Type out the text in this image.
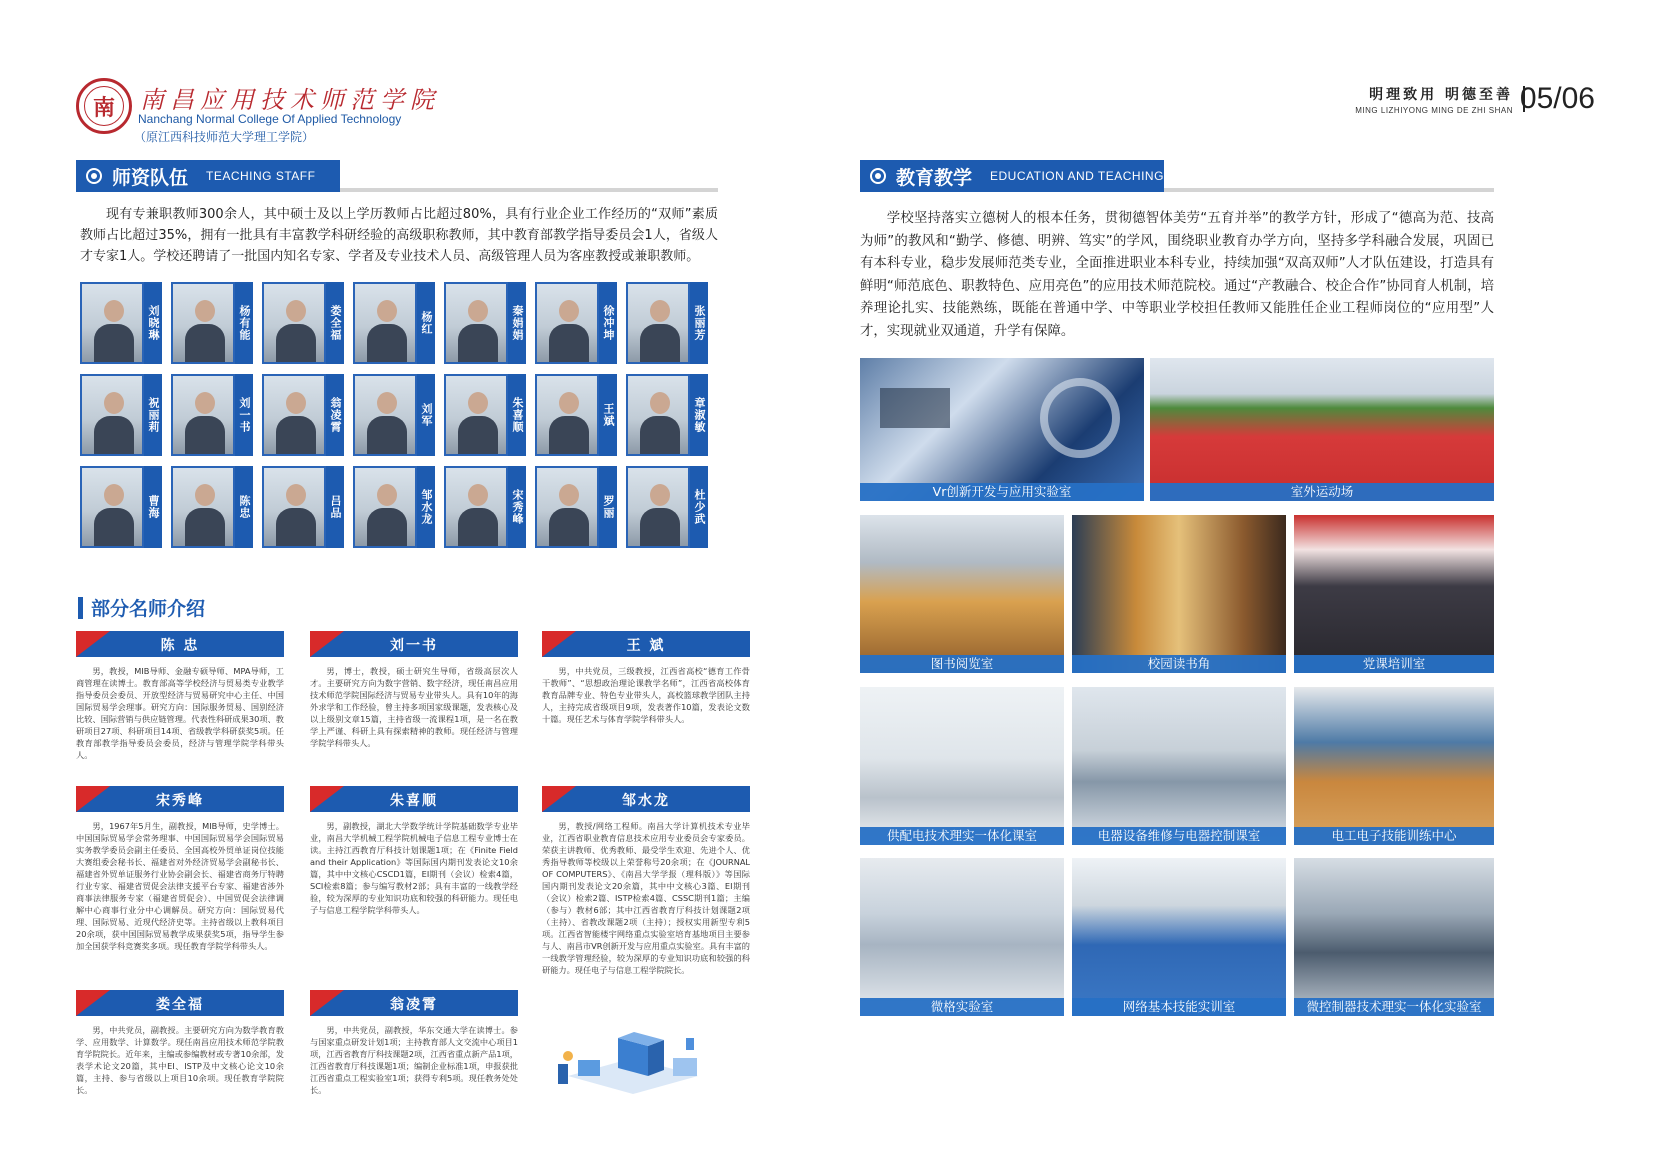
南	南昌应用技术师范学院
Nanchang Normal College Of Applied Technology
（原江西科技师范大学理工学院）
明理致用 明德至善
MING LIZHIYONG MING DE ZHI SHAN 05/06
师资队伍 TEACHING STAFF
现有专兼职教师300余人，其中硕士及以上学历教师占比超过80%，具有行业企业工作经历的“双师”素质教师占比超过35%，拥有一批具有丰富教学科研经验的高级职称教师，其中教育部教学指导委员会1人，省级人才专家1人。学校还聘请了一批国内知名专家、学者及专业技术人员、高级管理人员为客座教授或兼职教师。
刘晓琳	杨有能	娄全福	杨红	秦娟娟	徐冲坤	张丽芳
祝丽莉	刘一书	翁凌霄	刘军	朱喜顺	王斌	章淑敏
曹海	陈忠	吕品	邹水龙	宋秀峰	罗丽	杜少武
部分名师介绍
陈 忠
男，教授，MIB导师、金融专硕导师、MPA导师，工商管理在读博士。教育部高等学校经济与贸易类专业教学指导委员会委员、开放型经济与贸易研究中心主任、中国国际贸易学会理事。研究方向：国际服务贸易、国别经济比较、国际营销与供应链管理。代表性科研成果30项、教研项目27项、科研项目14项、省级教学科研获奖5项。任教育部教学指导委员会委员，经济与管理学院学科带头人。
刘一书
男，博士，教授，硕士研究生导师，省级高层次人才。主要研究方向为数字营销、数字经济，现任南昌应用技术师范学院国际经济与贸易专业带头人。具有10年的海外求学和工作经验，曾主持多项国家级课题，发表核心及以上级别文章15篇，主持省级一流课程1项，是一名在教学上严谨、科研上具有探索精神的教师。现任经济与管理学院学科带头人。
王 斌
男，中共党员，三级教授，江西省高校“德育工作骨干教师”、“思想政治理论课教学名师”，江西省高校体育教育品牌专业、特色专业带头人，高校篮球教学团队主持人，主持完成省级项目9项，发表著作10篇，发表论文数十篇。现任艺术与体育学院学科带头人。
宋秀峰
男，1967年5月生，副教授，MIB导师，史学博士。中国国际贸易学会常务理事、中国国际贸易学会国际贸易实务教学委员会副主任委员、全国高校外贸单证岗位技能大赛组委会秘书长、福建省对外经济贸易学会副秘书长、福建省外贸单证服务行业协会副会长、福建省商务厅特聘行业专家、福建省贸促会法律支援平台专家、福建省涉外商事法律服务专家（福建省贸促会）、中国贸促会法律调解中心商事行业分中心调解员。研究方向：国际贸易代理、国际贸易、近现代经济史等。主持省级以上教科项目20余项，获中国国际贸易教学成果获奖5项，指导学生参加全国获学科竞赛奖多项。现任教育学院学科带头人。
朱喜顺
男，副教授，湖北大学数学统计学院基础数学专业毕业，南昌大学机械工程学院机械电子信息工程专业博士在读。主持江西教育厅科技计划课题1项；在《Finite Field and their Application》等国际国内期刊发表论文10余篇，其中中文核心CSCD1篇，EI期刊（会议）检索4篇，SCI检索8篇；参与编写教材2部；具有丰富的一线教学经验，较为深厚的专业知识功底和较强的科研能力。现任电子与信息工程学院学科带头人。
邹水龙
男，教授/网络工程师。南昌大学计算机技术专业毕业，江西省职业教育信息技术应用专业委员会专家委员。荣获主讲教师、优秀教师、最受学生欢迎、先进个人、优秀指导教师等校级以上荣誉称号20余项；在《JOURNAL OF COMPUTERS》、《南昌大学学报（理科版）》等国际国内期刊发表论文20余篇，其中中文核心3篇、EI期刊（会议）检索2篇、ISTP检索4篇、CSSC期刊1篇；主编（参与）教材6部；其中江西省教育厅科技计划课题2项（主持）、省教改课题2项（主持）；授权实用新型专利5项。江西省智能楼宇网络重点实验室培育基地项目主要参与人、南昌市VR创新开发与应用重点实验室。具有丰富的一线教学管理经验，较为深厚的专业知识功底和较强的科研能力。现任电子与信息工程学院院长。
娄全福
男，中共党员，副教授。主要研究方向为数学教育教学、应用数学、计算数学。现任南昌应用技术师范学院教育学院院长。近年来，主编或参编教材或专著10余部，发表学术论文20篇，其中EI、ISTP及中文核心论文10余篇，主持、参与省级以上项目10余项。现任教育学院院长。
翁凌霄
男，中共党员，副教授，华东交通大学在读博士。参与国家重点研发计划1项；主持教育部人文交流中心项目1项，江西省教育厅科技课题2项，江西省重点新产品1项，江西省教育厅科技课题1项；编制企业标准1项，申报获批江西省重点工程实验室1项；获得专利5项。现任教务处处长。
教育教学 EDUCATION AND TEACHING
学校坚持落实立德树人的根本任务，贯彻德智体美劳“五育并举”的教学方针，形成了“德高为范、技高为师”的教风和“勤学、修德、明辨、笃实”的学风，围绕职业教育办学方向，坚持多学科融合发展，巩固已有本科专业，稳步发展师范类专业，全面推进职业本科专业，持续加强“双高双师”人才队伍建设，打造具有鲜明“师范底色、职教特色、应用亮色”的应用技术师范院校。通过“产教融合、校企合作”协同育人机制，培养理论扎实、技能熟练，既能在普通中学、中等职业学校担任教师又能胜任企业工程师岗位的“应用型”人才，实现就业双通道，升学有保障。
Vr创新开发与应用实验室	室外运动场
图书阅览室	校园读书角	党课培训室
供配电技术理实一体化课室	电器设备维修与电器控制课室	电工电子技能训练中心
微格实验室	网络基本技能实训室	微控制器技术理实一体化实验室
